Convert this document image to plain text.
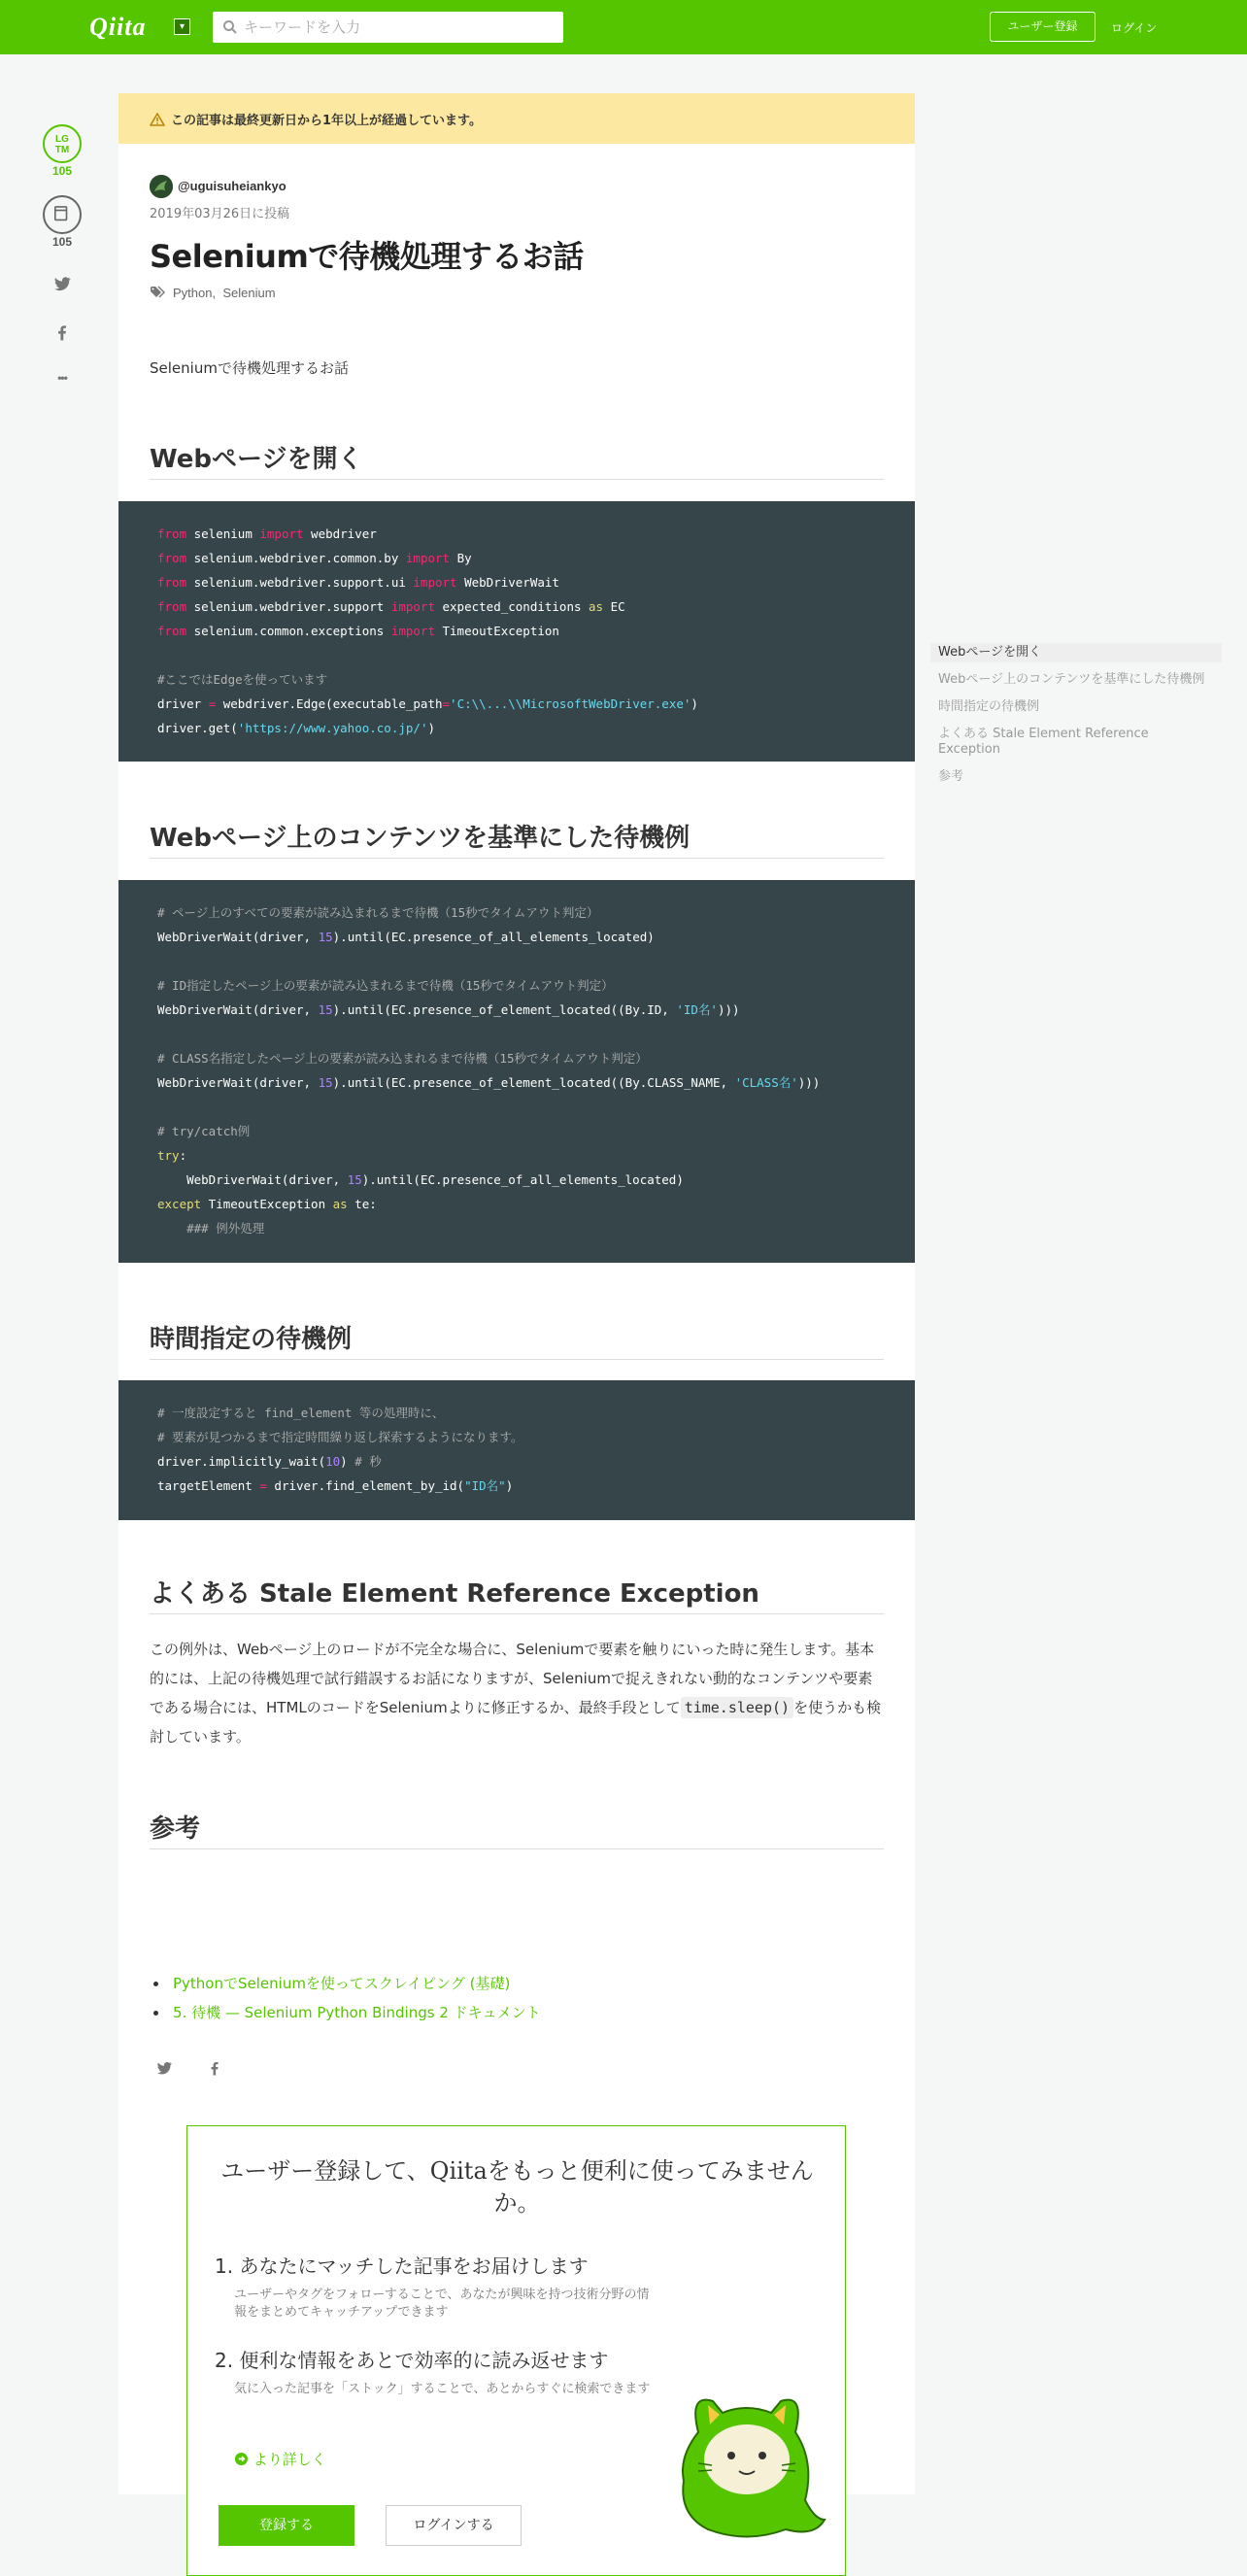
Qiita	▾
キーワードを入力	ユーザー登録	ログイン
LG
TM
105
105
•••
この記事は最終更新日から1年以上が経過しています。
@uguisuheiankyo
2019年03月26日に投稿
Seleniumで待機処理するお話
Python,  Selenium
Seleniumで待機処理するお話
Webページを開く
from selenium import webdriver
from selenium.webdriver.common.by import By
from selenium.webdriver.support.ui import WebDriverWait
from selenium.webdriver.support import expected_conditions as EC
from selenium.common.exceptions import TimeoutException
#ここではEdgeを使っています
driver = webdriver.Edge(executable_path='C:\\...\\MicrosoftWebDriver.exe')
driver.get('https://www.yahoo.co.jp/')
Webページ上のコンテンツを基準にした待機例
# ページ上のすべての要素が読み込まれるまで待機（15秒でタイムアウト判定）
WebDriverWait(driver, 15).until(EC.presence_of_all_elements_located)
# ID指定したページ上の要素が読み込まれるまで待機（15秒でタイムアウト判定）
WebDriverWait(driver, 15).until(EC.presence_of_element_located((By.ID, 'ID名')))
# CLASS名指定したページ上の要素が読み込まれるまで待機（15秒でタイムアウト判定）
WebDriverWait(driver, 15).until(EC.presence_of_element_located((By.CLASS_NAME, 'CLASS名')))
# try/catch例
try:
WebDriverWait(driver, 15).until(EC.presence_of_all_elements_located)
except TimeoutException as te:
### 例外処理
時間指定の待機例
# 一度設定すると find_element 等の処理時に、
# 要素が見つかるまで指定時間繰り返し探索するようになります。
driver.implicitly_wait(10) # 秒
targetElement = driver.find_element_by_id("ID名")
よくある Stale Element Reference Exception
この例外は、Webページ上のロードが不完全な場合に、Seleniumで要素を触りにいった時に発生します。基本的には、上記の待機処理で試行錯誤するお話になりますが、Seleniumで捉えきれない動的なコンテンツや要素である場合には、HTMLのコードをSeleniumよりに修正するか、最終手段として time.sleep() を使うかも検討しています。
参考
PythonでSeleniumを使ってスクレイピング (基礎)
5. 待機 — Selenium Python Bindings 2 ドキュメント

ユーザー登録して、Qiitaをもっと便利に使ってみませんか。
1. あなたにマッチした記事をお届けします
ユーザーやタグをフォローすることで、あなたが興味を持つ技術分野の情報をまとめてキャッチアップできます
2. 便利な情報をあとで効率的に読み返せます
気に入った記事を「ストック」することで、あとからすぐに検索できます
より詳しく
登録する	ログインする
Webページを開く
Webページ上のコンテンツを基準にした待機例
時間指定の待機例
よくある Stale Element Reference Exception
参考
